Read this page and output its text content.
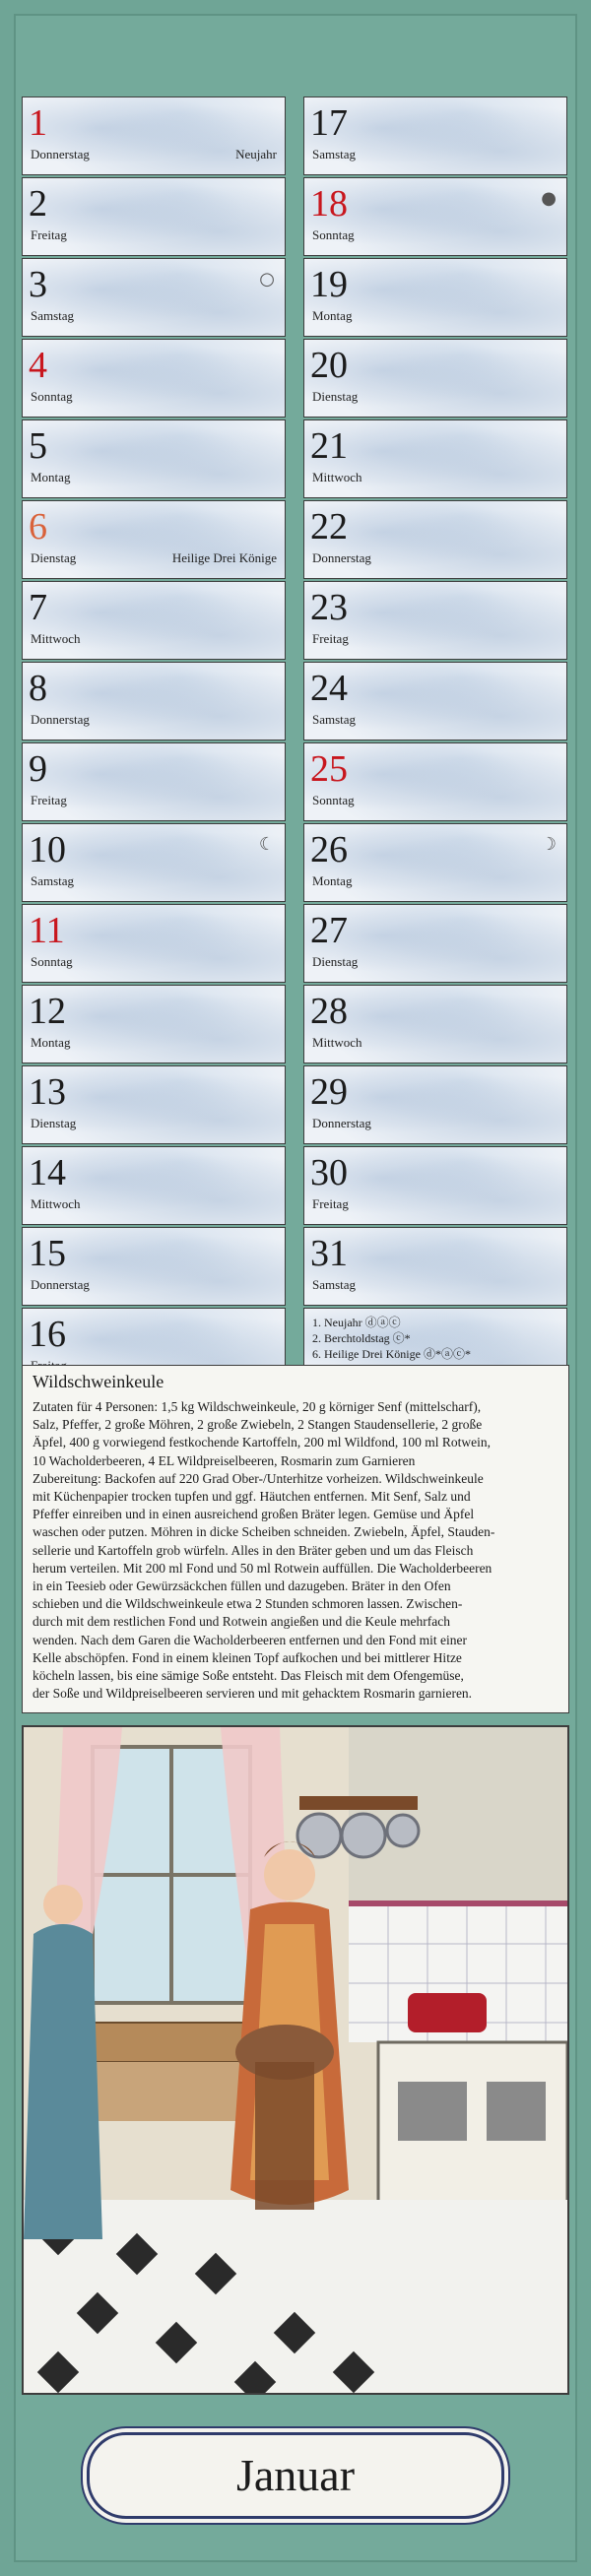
1
Donnerstag	Neujahr
2
Freitag
3
Samstag
○
4
Sonntag
5
Montag
6
Dienstag	Heilige Drei Könige
7
Mittwoch
8
Donnerstag
9
Freitag
10
Samstag
☾
11
Sonntag
12
Montag
13
Dienstag
14
Mittwoch
15
Donnerstag
16
17
Samstag
18
Sonntag
●
19
Montag
20
Dienstag
21
Mittwoch
22
Donnerstag
23
Freitag
24
Samstag
25
Sonntag
26
Montag
☽
27
Dienstag
28
Mittwoch
29
Donnerstag
30
Freitag
31
Samstag
1. Neujahr ⓓⓐⓒ
2. Berchtoldstag ⓒ*
6. Heilige Drei Könige ⓓ*ⓐⓒ*
Wildschweinkeule
Zutaten für 4 Personen: 1,5 kg Wildschweinkeule, 20 g körniger Senf (mittelscharf),
Salz, Pfeffer, 2 große Möhren, 2 große Zwiebeln, 2 Stangen Staudensellerie, 2 große
Äpfel, 400 g vorwiegend festkochende Kartoffeln, 200 ml Wildfond, 100 ml Rotwein,
10 Wacholderbeeren, 4 EL Wildpreiselbeeren, Rosmarin zum Garnieren
Zubereitung: Backofen auf 220 Grad Ober-/Unterhitze vorheizen. Wildschweinkeule
mit Küchenpapier trocken tupfen und ggf. Häutchen entfernen. Mit Senf, Salz und
Pfeffer einreiben und in einen ausreichend großen Bräter legen. Gemüse und Äpfel
waschen oder putzen. Möhren in dicke Scheiben schneiden. Zwiebeln, Äpfel, Stauden-
sellerie und Kartoffeln grob würfeln. Alles in den Bräter geben und um das Fleisch
herum verteilen. Mit 200 ml Fond und 50 ml Rotwein auffüllen. Die Wacholderbeeren
in ein Teesieb oder Gewürzsäckchen füllen und dazugeben. Bräter in den Ofen
schieben und die Wildschweinkeule etwa 2 Stunden schmoren lassen. Zwischen-
durch mit dem restlichen Fond und Rotwein angießen und die Keule mehrfach
wenden. Nach dem Garen die Wacholderbeeren entfernen und den Fond mit einer
Kelle abschöpfen. Fond in einem kleinen Topf aufkochen und bei mittlerer Hitze
köcheln lassen, bis eine sämige Soße entsteht. Das Fleisch mit dem Ofengemüse,
der Soße und Wildpreiselbeeren servieren und mit gehacktem Rosmarin garnieren.
Januar
